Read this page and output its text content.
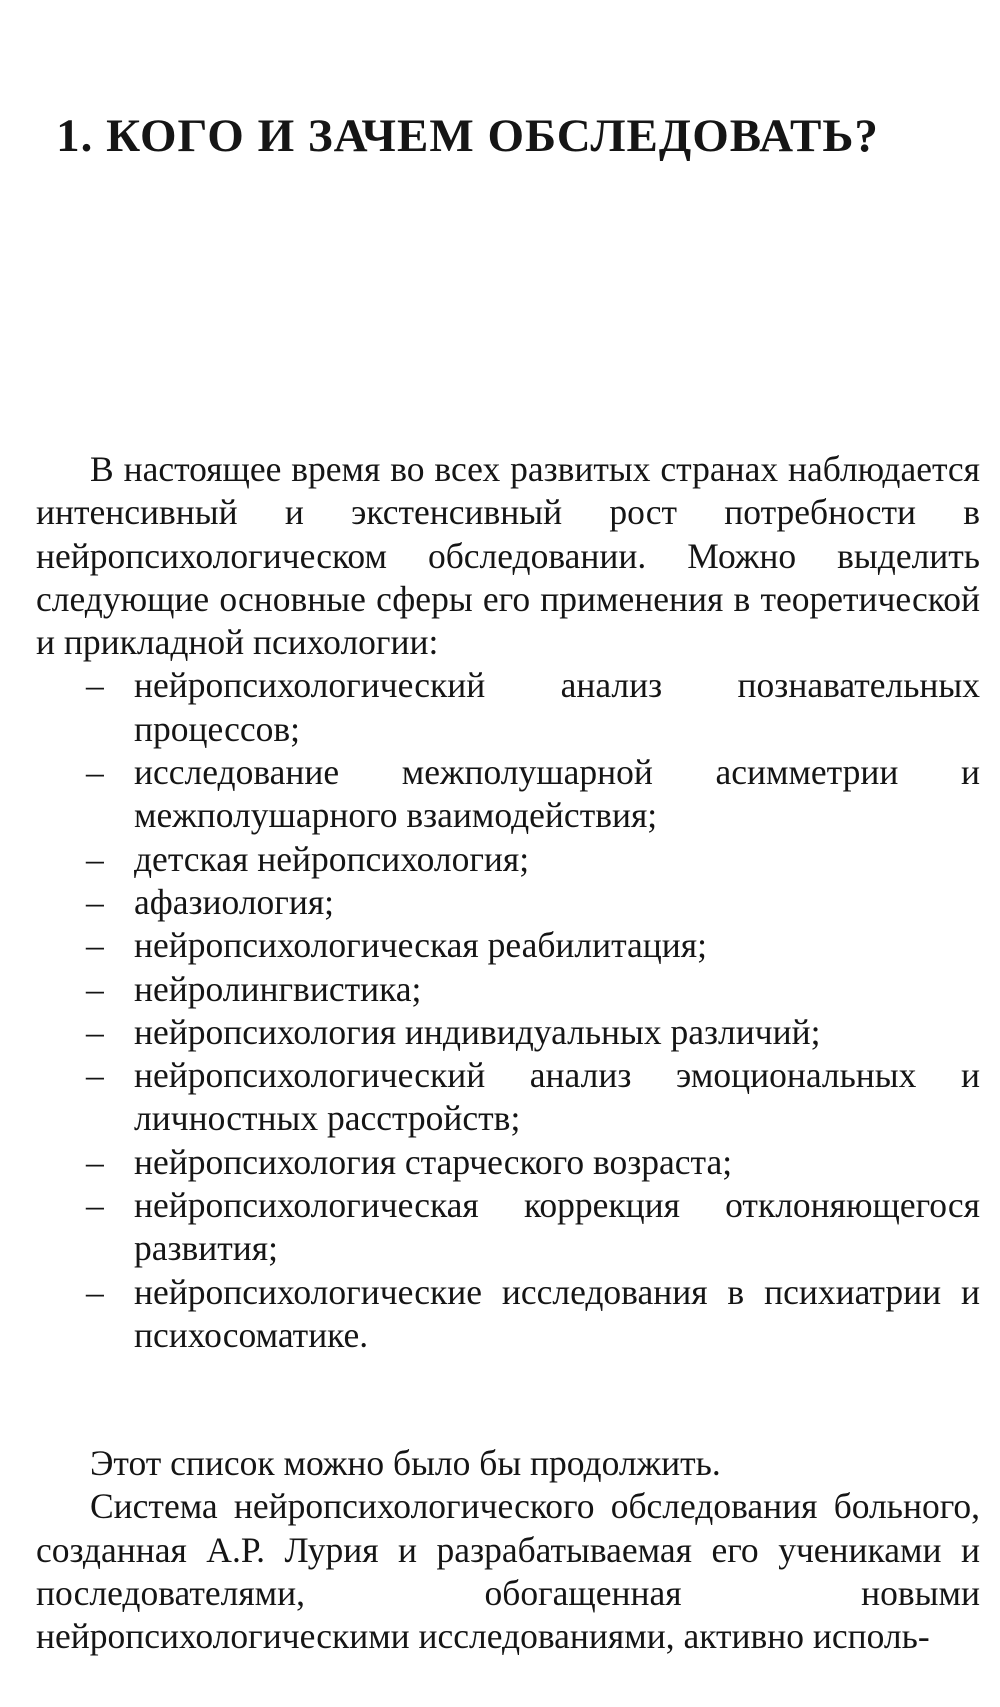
1. КОГО И ЗАЧЕМ ОБСЛЕДОВАТЬ?

В настоящее время во всех развитых странах наблюдается интенсивный и экстенсивный рост потребности в нейропсихологическом обследовании. Можно выделить следующие основные сферы его применения в теоретической и прикладной психологии:

– нейропсихологический анализ познавательных процессов;
– исследование межполушарной асимметрии и межполушарного взаимодействия;
– детская нейропсихология;
– афазиология;
– нейропсихологическая реабилитация;
– нейролингвистика;
– нейропсихология индивидуальных различий;
– нейропсихологический анализ эмоциональных и личностных расстройств;
– нейропсихология старческого возраста;
– нейропсихологическая коррекция отклоняющегося развития;
– нейропсихологические исследования в психиатрии и психосоматике.

Этот список можно было бы продолжить.

Система нейропсихологического обследования больного, созданная А.Р. Лурия и разрабатываемая его учениками и последователями, обогащенная новыми нейропсихологическими исследованиями, активно исполь-
